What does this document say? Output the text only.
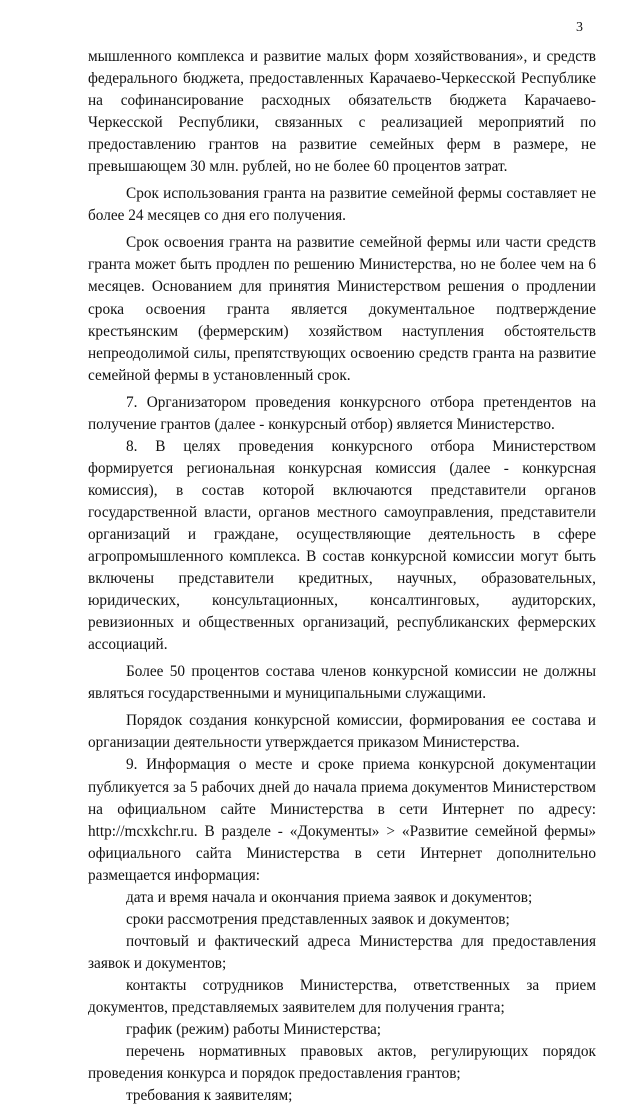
3

мышленного комплекса и развитие малых форм хозяйствования», и средств федерального бюджета, предоставленных Карачаево-Черкесской Республике на софинансирование расходных обязательств бюджета Карачаево-Черкесской Республики, связанных с реализацией мероприятий по предоставлению грантов на развитие семейных ферм в размере, не превышающем 30 млн. рублей, но не более 60 процентов затрат.

Срок использования гранта на развитие семейной фермы составляет не более 24 месяцев со дня его получения.

Срок освоения гранта на развитие семейной фермы или части средств гранта может быть продлен по решению Министерства, но не более чем на 6 месяцев. Основанием для принятия Министерством решения о продлении срока освоения гранта является документальное подтверждение крестьянским (фермерским) хозяйством наступления обстоятельств непреодолимой силы, препятствующих освоению средств гранта на развитие семейной фермы в установленный срок.

7. Организатором проведения конкурсного отбора претендентов на получение грантов (далее - конкурсный отбор) является Министерство.

8. В целях проведения конкурсного отбора Министерством формируется региональная конкурсная комиссия (далее - конкурсная комиссия), в состав которой включаются представители органов государственной власти, органов местного самоуправления, представители организаций и граждане, осуществляющие деятельность в сфере агропромышленного комплекса. В состав конкурсной комиссии могут быть включены представители кредитных, научных, образовательных, юридических, консультационных, консалтинговых, аудиторских, ревизионных и общественных организаций, республиканских фермерских ассоциаций.

Более 50 процентов состава членов конкурсной комиссии не должны являться государственными и муниципальными служащими.

Порядок создания конкурсной комиссии, формирования ее состава и организации деятельности утверждается приказом Министерства.

9. Информация о месте и сроке приема конкурсной документации публикуется за 5 рабочих дней до начала приема документов Министерством на официальном сайте Министерства в сети Интернет по адресу: http://mcxkchr.ru. В разделе - «Документы» > «Развитие семейной фермы» официального сайта Министерства в сети Интернет дополнительно размещается информация:

дата и время начала и окончания приема заявок и документов;

сроки рассмотрения представленных заявок и документов;

почтовый и фактический адреса Министерства для предоставления заявок и документов;

контакты сотрудников Министерства, ответственных за прием документов, представляемых заявителем для получения гранта;

график (режим) работы Министерства;

перечень нормативных правовых актов, регулирующих порядок проведения конкурса и порядок предоставления грантов;

требования к заявителям;
